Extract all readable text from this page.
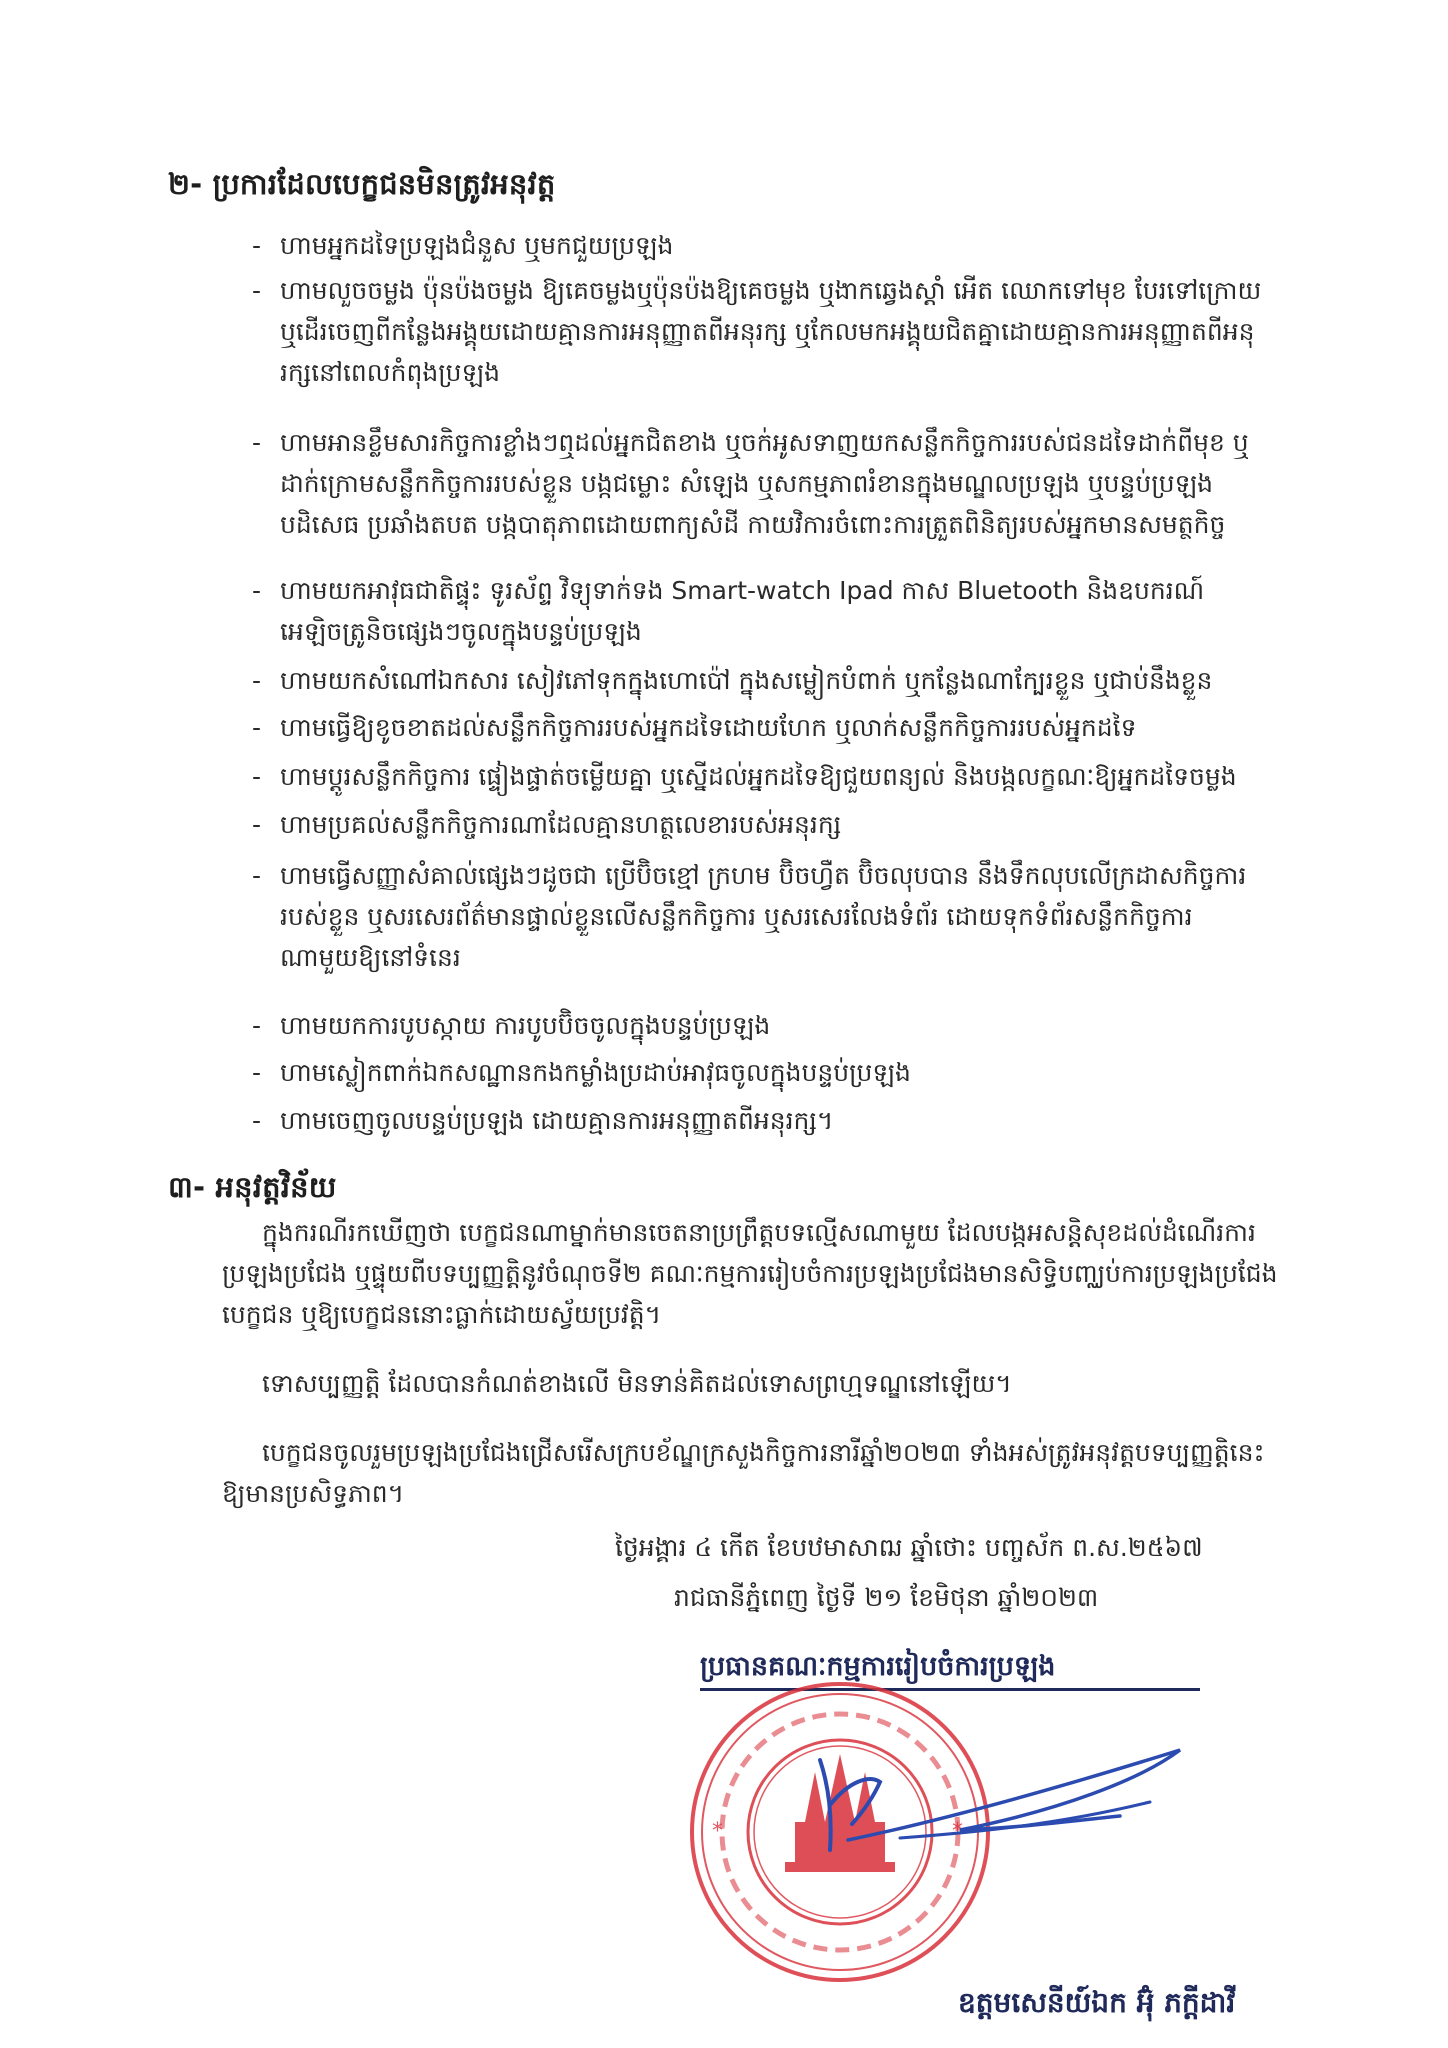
២- ប្រការដែលបេក្ខជនមិនត្រូវអនុវត្ត
- ហាមអ្នកដទៃប្រឡងជំនួស ឬមកជួយប្រឡង
- ហាមលួចចម្លង ប៉ុនប៉ងចម្លង ឱ្យគេចម្លងឬប៉ុនប៉ងឱ្យគេចម្លង ឬងាកឆ្វេងស្ដាំ អើត ឈោកទៅមុខ បែរទៅក្រោយ ឬដើរចេញពីកន្លែងអង្គុយដោយគ្មានការអនុញ្ញាតពីអនុរក្ស ឬកែលមកអង្គុយជិតគ្នាដោយគ្មានការអនុញ្ញាតពីអនុរក្សនៅពេលកំពុងប្រឡង
- ហាមអានខ្លឹមសារកិច្ចការខ្លាំងៗឮដល់អ្នកជិតខាង ឬចក់អូសទាញយកសន្លឹកកិច្ចការរបស់ជនដទៃដាក់ពីមុខ ឬដាក់ក្រោមសន្លឹកកិច្ចការរបស់ខ្លួន បង្កជម្លោះ សំឡេង ឬសកម្មភាពរំខានក្នុងមណ្ឌលប្រឡង ឬបន្ទប់ប្រឡង បដិសេធ ប្រឆាំងតបត បង្កបាតុភាពដោយពាក្យសំដី កាយវិការចំពោះការត្រួតពិនិត្យរបស់អ្នកមានសមត្ថកិច្ច
- ហាមយកអាវុធជាតិផ្ទុះ ទូរស័ព្ទ វិទ្យុទាក់ទង Smart-watch Ipad កាស Bluetooth និងឧបករណ៍អេឡិចត្រូនិចផ្សេងៗចូលក្នុងបន្ទប់ប្រឡង
- ហាមយកសំណៅឯកសារ សៀវភៅទុកក្នុងហោប៉ៅ ក្នុងសម្លៀកបំពាក់ ឬកន្លែងណាក្បែរខ្លួន ឬជាប់នឹងខ្លួន
- ហាមធ្វើឱ្យខូចខាតដល់សន្លឹកកិច្ចការរបស់អ្នកដទៃដោយហែក ឬលាក់សន្លឹកកិច្ចការរបស់អ្នកដទៃ
- ហាមប្ដូរសន្លឹកកិច្ចការ ផ្ទៀងផ្ទាត់ចម្លើយគ្នា ឬស្នើដល់អ្នកដទៃឱ្យជួយពន្យល់ និងបង្កលក្ខណៈឱ្យអ្នកដទៃចម្លង
- ហាមប្រគល់សន្លឹកកិច្ចការណាដែលគ្មានហត្ថលេខារបស់អនុរក្ស
- ហាមធ្វើសញ្ញាសំគាល់ផ្សេងៗដូចជា ប្រើប៊ិចខ្មៅ ក្រហម ប៊ិចហ្វឺត ប៊ិចលុបបាន នឹងទឹកលុបលើក្រដាសកិច្ចការរបស់ខ្លួន ឬសរសេរព័ត៌មានផ្ទាល់ខ្លួនលើសន្លឹកកិច្ចការ ឬសរសេរលែងទំព័រ ដោយទុកទំព័រសន្លឹកកិច្ចការណាមួយឱ្យនៅទំនេរ
- ហាមយកការបូបស្កាយ ការបូបប៊ិចចូលក្នុងបន្ទប់ប្រឡង
- ហាមស្លៀកពាក់ឯកសណ្ឋានកងកម្លាំងប្រដាប់អាវុធចូលក្នុងបន្ទប់ប្រឡង
- ហាមចេញចូលបន្ទប់ប្រឡង ដោយគ្មានការអនុញ្ញាតពីអនុរក្ស។
៣- អនុវត្តវិន័យ
ក្នុងករណីរកឃើញថា បេក្ខជនណាម្នាក់មានចេតនាប្រព្រឹត្តបទល្មើសណាមួយ ដែលបង្កអសន្តិសុខដល់ដំណើរការប្រឡងប្រជែង ឬផ្ទុយពីបទប្បញ្ញត្តិនូវចំណុចទី២ គណៈកម្មការរៀបចំការប្រឡងប្រជែងមានសិទ្ធិបញ្ឈប់ការប្រឡងប្រជែងបេក្ខជន ឬឱ្យបេក្ខជននោះធ្លាក់ដោយស្វ័យប្រវត្តិ។
ទោសប្បញ្ញត្តិ ដែលបានកំណត់ខាងលើ មិនទាន់គិតដល់ទោសព្រហ្មទណ្ឌនៅឡើយ។
បេក្ខជនចូលរួមប្រឡងប្រជែងជ្រើសរើសក្របខ័ណ្ឌក្រសួងកិច្ចការនារីឆ្នាំ២០២៣ ទាំងអស់ត្រូវអនុវត្តបទប្បញ្ញត្តិនេះ ឱ្យមានប្រសិទ្ធភាព។
ថ្ងៃអង្គារ ៤ កើត ខែបឋមាសាឍ ឆ្នាំថោះ បញ្ចស័ក ព.ស.២៥៦៧
រាជធានីភ្នំពេញ ថ្ងៃទី ២១ ខែមិថុនា ឆ្នាំ២០២៣
ប្រធានគណៈកម្មការរៀបចំការប្រឡង
*	*
ឧត្តមសេនីយ៍ឯក អ៊ុំ ភក្តីដាវី
